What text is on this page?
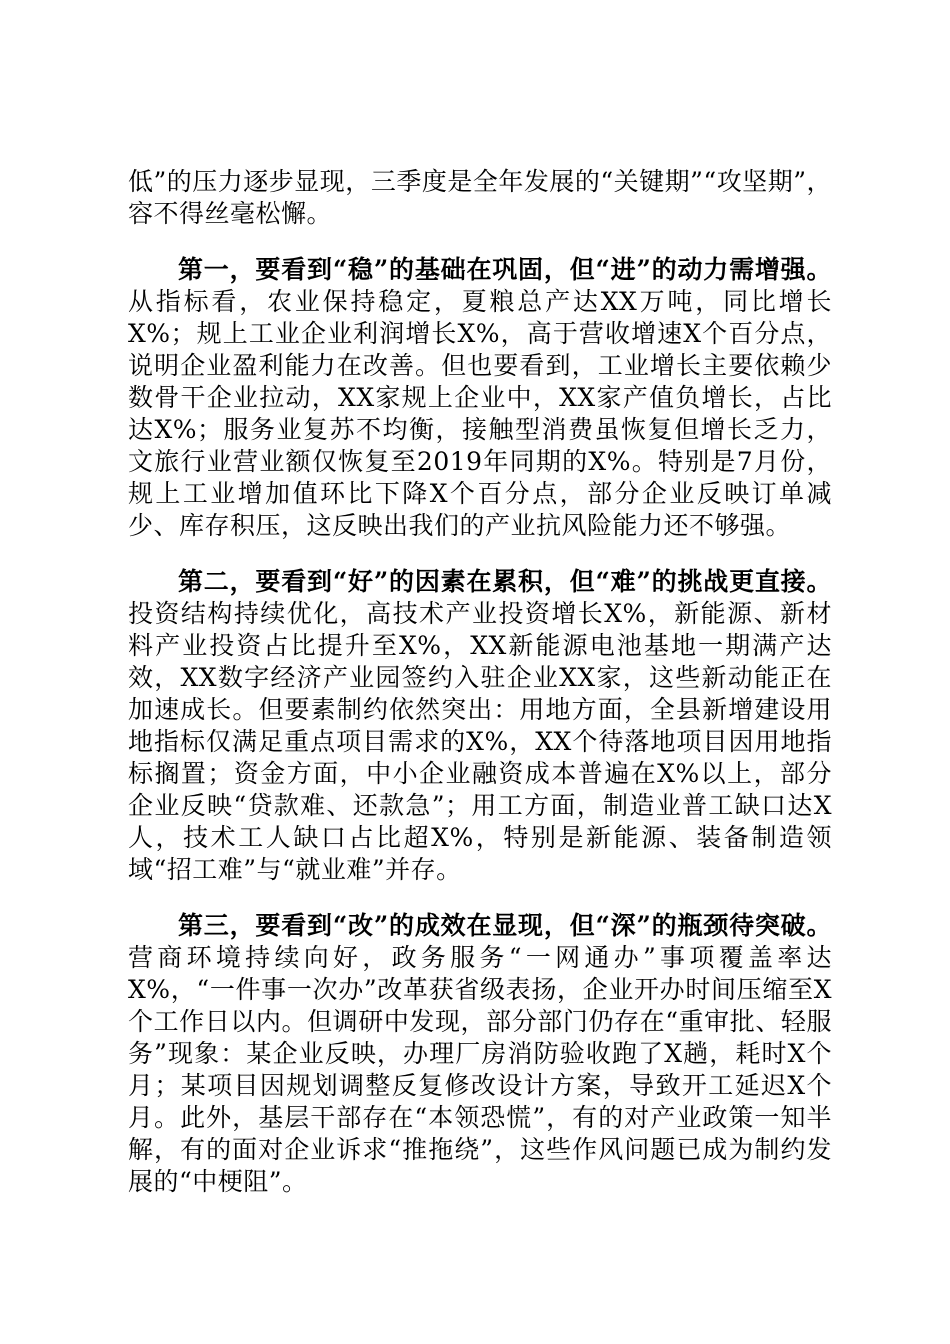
低”的压力逐步显现，三季度是全年发展的“关键期”“攻坚期”，容不得丝毫松懈。

第一，要看到“稳”的基础在巩固，但“进”的动力需增强。从指标看，农业保持稳定，夏粮总产达XX万吨，同比增长X%；规上工业企业利润增长X%，高于营收增速X个百分点，说明企业盈利能力在改善。但也要看到，工业增长主要依赖少数骨干企业拉动，XX家规上企业中，XX家产值负增长，占比达X%；服务业复苏不均衡，接触型消费虽恢复但增长乏力，文旅行业营业额仅恢复至2019年同期的X%。特别是7月份，规上工业增加值环比下降X个百分点，部分企业反映订单减少、库存积压，这反映出我们的产业抗风险能力还不够强。

第二，要看到“好”的因素在累积，但“难”的挑战更直接。投资结构持续优化，高技术产业投资增长X%，新能源、新材料产业投资占比提升至X%，XX新能源电池基地一期满产达效，XX数字经济产业园签约入驻企业XX家，这些新动能正在加速成长。但要素制约依然突出：用地方面，全县新增建设用地指标仅满足重点项目需求的X%，XX个待落地项目因用地指标搁置；资金方面，中小企业融资成本普遍在X%以上，部分企业反映“贷款难、还款急”；用工方面，制造业普工缺口达X人，技术工人缺口占比超X%，特别是新能源、装备制造领域“招工难”与“就业难”并存。

第三，要看到“改”的成效在显现，但“深”的瓶颈待突破。营商环境持续向好，政务服务“一网通办”事项覆盖率达X%，“一件事一次办”改革获省级表扬，企业开办时间压缩至X个工作日以内。但调研中发现，部分部门仍存在“重审批、轻服务”现象：某企业反映，办理厂房消防验收跑了X趟，耗时X个月；某项目因规划调整反复修改设计方案，导致开工延迟X个月。此外，基层干部存在“本领恐慌”，有的对产业政策一知半解，有的面对企业诉求“推拖绕”，这些作风问题已成为制约发展的“中梗阻”。
